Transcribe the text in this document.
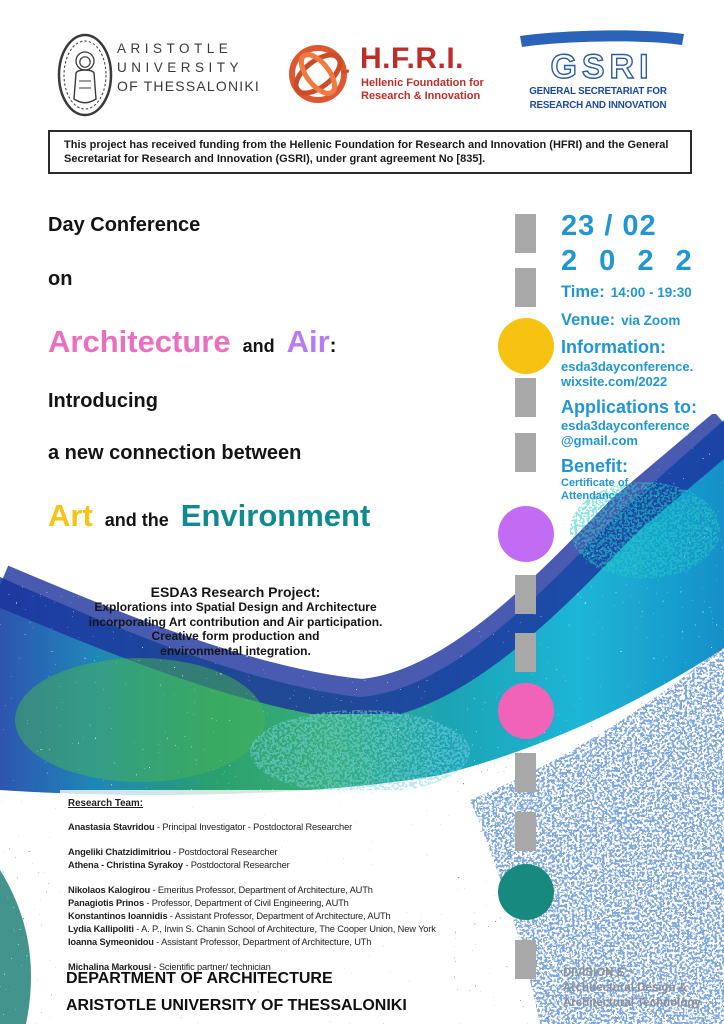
ARISTOTLE
UNIVERSITY
OF THESSALONIKI
H.F.R.I.
Hellenic Foundation for
Research & Innovation
GSRI
GENERAL SECRETARIAT FOR
RESEARCH AND INNOVATION
This project has received funding from the Hellenic Foundation for Research and Innovation (HFRI) and the General Secretariat for Research and Innovation (GSRI), under grant agreement No [835].
Day Conference
on
Architecture and Air :
Introducing
a new connection between
Art and the Environment
ESDA3 Research Project:
Explorations into Spatial Design and Architecture
incorporating Art contribution and Air participation.
Creative form production and
environmental integration.
23 / 02
2 0 2 2
Time: 14:00 - 19:30
Venue: via Zoom
Information:
esda3dayconference.
wixsite.com/2022
Applications to:
esda3dayconference
@gmail.com
Benefit:
Certificate of
Attendance
Research Team:
Anastasia Stavridou - Principal Investigator - Postdoctoral Researcher
Angeliki Chatzidimitriou - Postdoctoral Researcher
Athena - Christina Syrakoy - Postdoctoral Researcher
Nikolaos Kalogirou - Emeritus Professor, Department of Architecture, AUTh
Panagiotis Prinos - Professor, Department of Civil Engineering, AUTh
Konstantinos Ioannidis - Assistant Professor, Department of Architecture, AUTh
Lydia Kallipoliti - A. P., Irwin S. Chanin School of Architecture, The Cooper Union, New York
Ioanna Symeonidou - Assistant Professor, Department of Architecture, UTh
Michalina Markousi - Scientific partner/ technician
DEPARTMENT OF ARCHITECTURE
ARISTOTLE UNIVERSITY OF THESSALONIKI
DIVISION E' -
Architectural Design &
Architectural Technology
